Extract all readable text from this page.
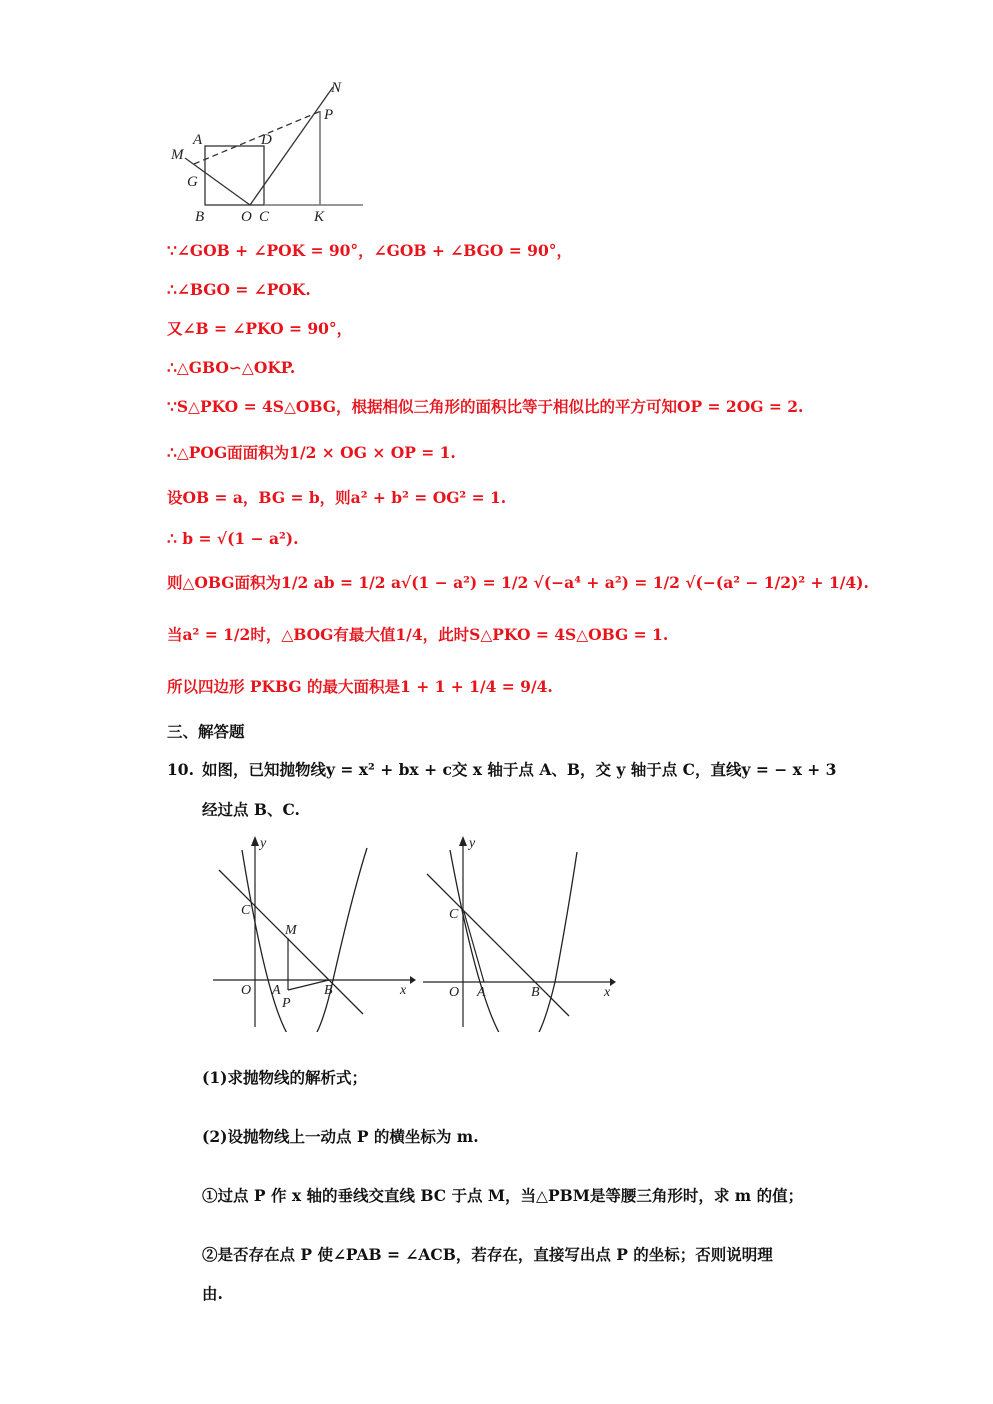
N
P
A	D
M
G
B O C	K
∵∠GOB + ∠POK = 90°，∠GOB + ∠BGO = 90°，
∴∠BGO = ∠POK.
又∠B = ∠PKO = 90°，
∴△GBO∽△OKP.
∵S△PKO = 4S△OBG，根据相似三角形的面积比等于相似比的平方可知OP = 2OG = 2.
∴△POG面面积为1/2 × OG × OP = 1.
设OB = a，BG = b，则a² + b² = OG² = 1.
∴ b = √(1 − a²).
则△OBG面积为1/2 ab = 1/2 a√(1 − a²) = 1/2 √(−a⁴ + a²) = 1/2 √(−(a² − 1/2)² + 1/4).
当a² = 1/2时，△BOG有最大值1/4，此时S△PKO = 4S△OBG = 1.
所以四边形 PKBG 的最大面积是1 + 1 + 1/4 = 9/4.
三、解答题
10. 如图，已知抛物线y = x² + bx + c交 x 轴于点 A、B，交 y 轴于点 C，直线y = − x + 3
经过点 B、C.
y
C
M
O A
P
B	x
y
C
O A	B	x
(1)求抛物线的解析式；
(2)设抛物线上一动点 P 的横坐标为 m.
①过点 P 作 x 轴的垂线交直线 BC 于点 M，当△PBM是等腰三角形时，求 m 的值；
②是否存在点 P 使∠PAB = ∠ACB，若存在，直接写出点 P 的坐标；否则说明理
由.
